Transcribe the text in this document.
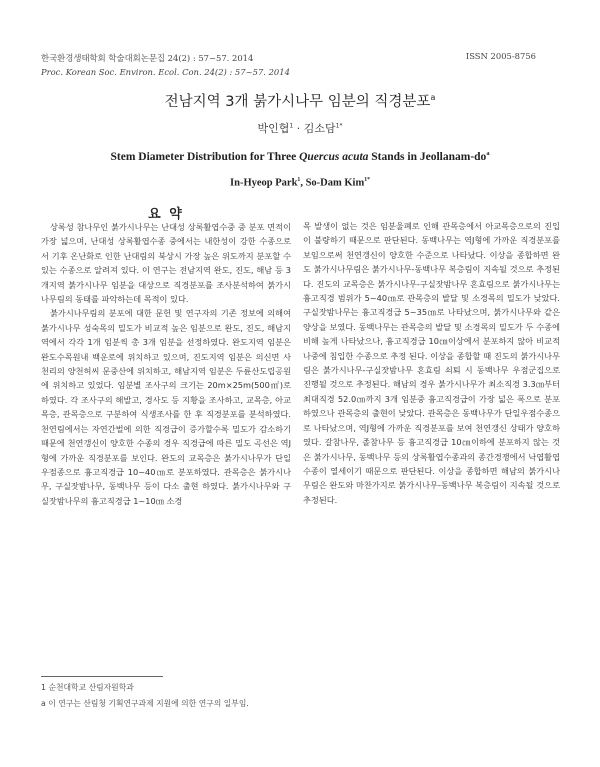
한국환경생태학회 학술대회논문집 24(2) : 57~57. 2014
Proc. Korean Soc. Environ. Ecol. Con. 24(2) : 57~57. 2014
ISSN 2005-8756
전남지역 3개 붉가시나무 임분의 직경분포$^a$
박인협$^1$ · 김소담$^{1*}$
Stem Diameter Distribution for Three Quercus acuta Stands in Jeollanam-$do^a$
In-Hyeop Park$^1$, So-Dam Kim$^{1*}$
요 약

상록성 참나무인 붉가시나무는 난대성 상록활엽수중 중 분포 면적이 가장 넓으며, 난대성 상록활엽수종 중에서는 내한성이 강한 수종으로서 기후 온난화로 인한 난대림의 북상시 가장 높은 위도까지 분포할 수 있는 수종으로 알려져 있다. 이 연구는 전남지역 완도, 진도, 해남 등 3개지역 붉가시나무 임분을 대상으로 직경분포를 조사분석하여 붉가시나무림의 동태를 파악하는데 목적이 있다.

붉가시나무림의 분포에 대한 문헌 및 연구자의 기존 정보에 의해여 붉가시나무 성숙목의 밀도가 비교적 높은 임분으로 완도, 진도, 해남지역에서 각각 1개 임분씩 총 3개 임분을 선정하였다. 완도지역 임분은 완도수목원내 백운로에 위치하고 있으며, 진도지역 임분은 의신면 사천리의 양천허씨 문중산에 위치하고, 해남지역 임분은 두륜산도립공원에 위치하고 있었다. 임분별 조사구의 크기는 20m×25m(500㎡)로 하였다. 각 조사구의 해발고, 경사도 등 지황을 조사하고, 교목층, 아교목층, 관목층으로 구분하여 식생조사를 한 후 직경분포를 분석하였다. 천연림에서는 자연간벌에 의한 직경급이 증가할수록 밀도가 감소하기 때문에 천연갱신이 양호한 수종의 경우 직경급에 따른 밀도 곡선은 역J형에 가까운 직경분포를 보인다. 완도의 교목층은 붉가시나무가 단일우점종으로 흉고직경급 10~40㎝로 분포하였다. 관목층은 붉가시나무, 구실잣밤나무, 동백나무 등이 다소 출현 하였다. 붉가시나무와 구실잣밤나무의 흉고직경급 1~10㎝ 소경

목 발생이 없는 것은 임분울폐로 인해 관목층에서 아교목층으로의 진입이 불량하기 때문으로 판단된다. 동백나무는 역J형에 가까운 직경분포를 보임으로써 천연갱신이 양호한 수준으로 나타났다. 이상을 종합하면 완도 붉가시나무림은 붉가시나무-동백나무 복층림이 지속될 것으로 추정된다. 진도의 교목층은 붉가시나무-구실잣밤나무 혼효림으로 붉가시나무는 흉고직경 범위가 5~40㎝로 관목층의 발달 및 소경목의 밀도가 낮았다. 구실잣밤나무는 흉고직경급 5~35㎝로 나타났으며, 붉가시나무와 같은 양상을 보였다. 동백나무는 관목층의 발달 및 소경목의 밀도가 두 수종에 비해 높게 나타났으나, 흉고직경급 10㎝이상에서 분포하지 않아 비교적 나중에 침입한 수종으로 추정 된다. 이상을 종합할 때 진도의 붉가시나무림은 붉가시나무-구실잣밤나무 혼효림 쇠퇴 시 동백나무 우점군집으로 진행될 것으로 추정된다. 해남의 경우 붉가시나무가 최소직경 3.3㎝부터 최대직경 52.0㎝까지 3개 임분중 흉고직경급이 가장 넓은 폭으로 분포하였으나 관목층의 출현이 낮았다. 관목층은 동백나무가 단일우점수종으로 나타났으며, 역J형에 가까운 직경분포를 보여 천연갱신 상태가 양호하였다. 갈참나무, 졸참나무 등 흉고직경급 10㎝이하에 분포하지 않는 것은 붉가시나무, 동백나무 등의 상록활엽수종과의 종간경쟁에서 낙엽활엽수종이 열세이기 때문으로 판단된다. 이상을 종합하면 해남의 붉가시나무림은 완도와 마찬가지로 붉가시나무-동백나무 복층림이 지속될 것으로 추정된다.

1 순천대학교 산림자원학과
a 이 연구는 산림청 기획연구과제 지원에 의한 연구의 일부임.
